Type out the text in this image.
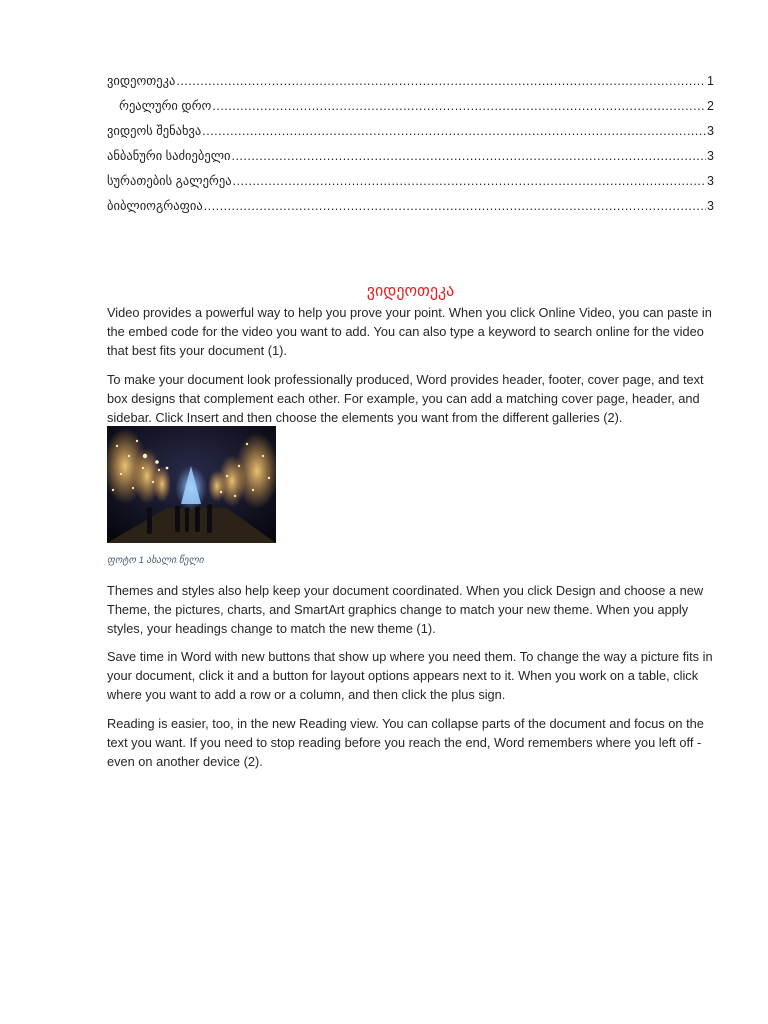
ვიდეოთეკა .....	1
რეალური დრო .....	2
ვიდეოს შენახვა .....	3
ანბანური საძიებელი .....	3
სურათების გალერეა .....	3
ბიბლიოგრაფია .....	3
ვიდეოთეკა

Video provides a powerful way to help you prove your point. When you click Online Video, you can paste in the embed code for the video you want to add. You can also type a keyword to search online for the video that best fits your document (1).

To make your document look professionally produced, Word provides header, footer, cover page, and text box designs that complement each other. For example, you can add a matching cover page, header, and sidebar. Click Insert and then choose the elements you want from the different galleries (2).

ფოტო 1 ახალი წელი

Themes and styles also help keep your document coordinated. When you click Design and choose a new Theme, the pictures, charts, and SmartArt graphics change to match your new theme. When you apply styles, your headings change to match the new theme (1).

Save time in Word with new buttons that show up where you need them. To change the way a picture fits in your document, click it and a button for layout options appears next to it. When you work on a table, click where you want to add a row or a column, and then click the plus sign.

Reading is easier, too, in the new Reading view. You can collapse parts of the document and focus on the text you want. If you need to stop reading before you reach the end, Word remembers where you left off - even on another device (2).
